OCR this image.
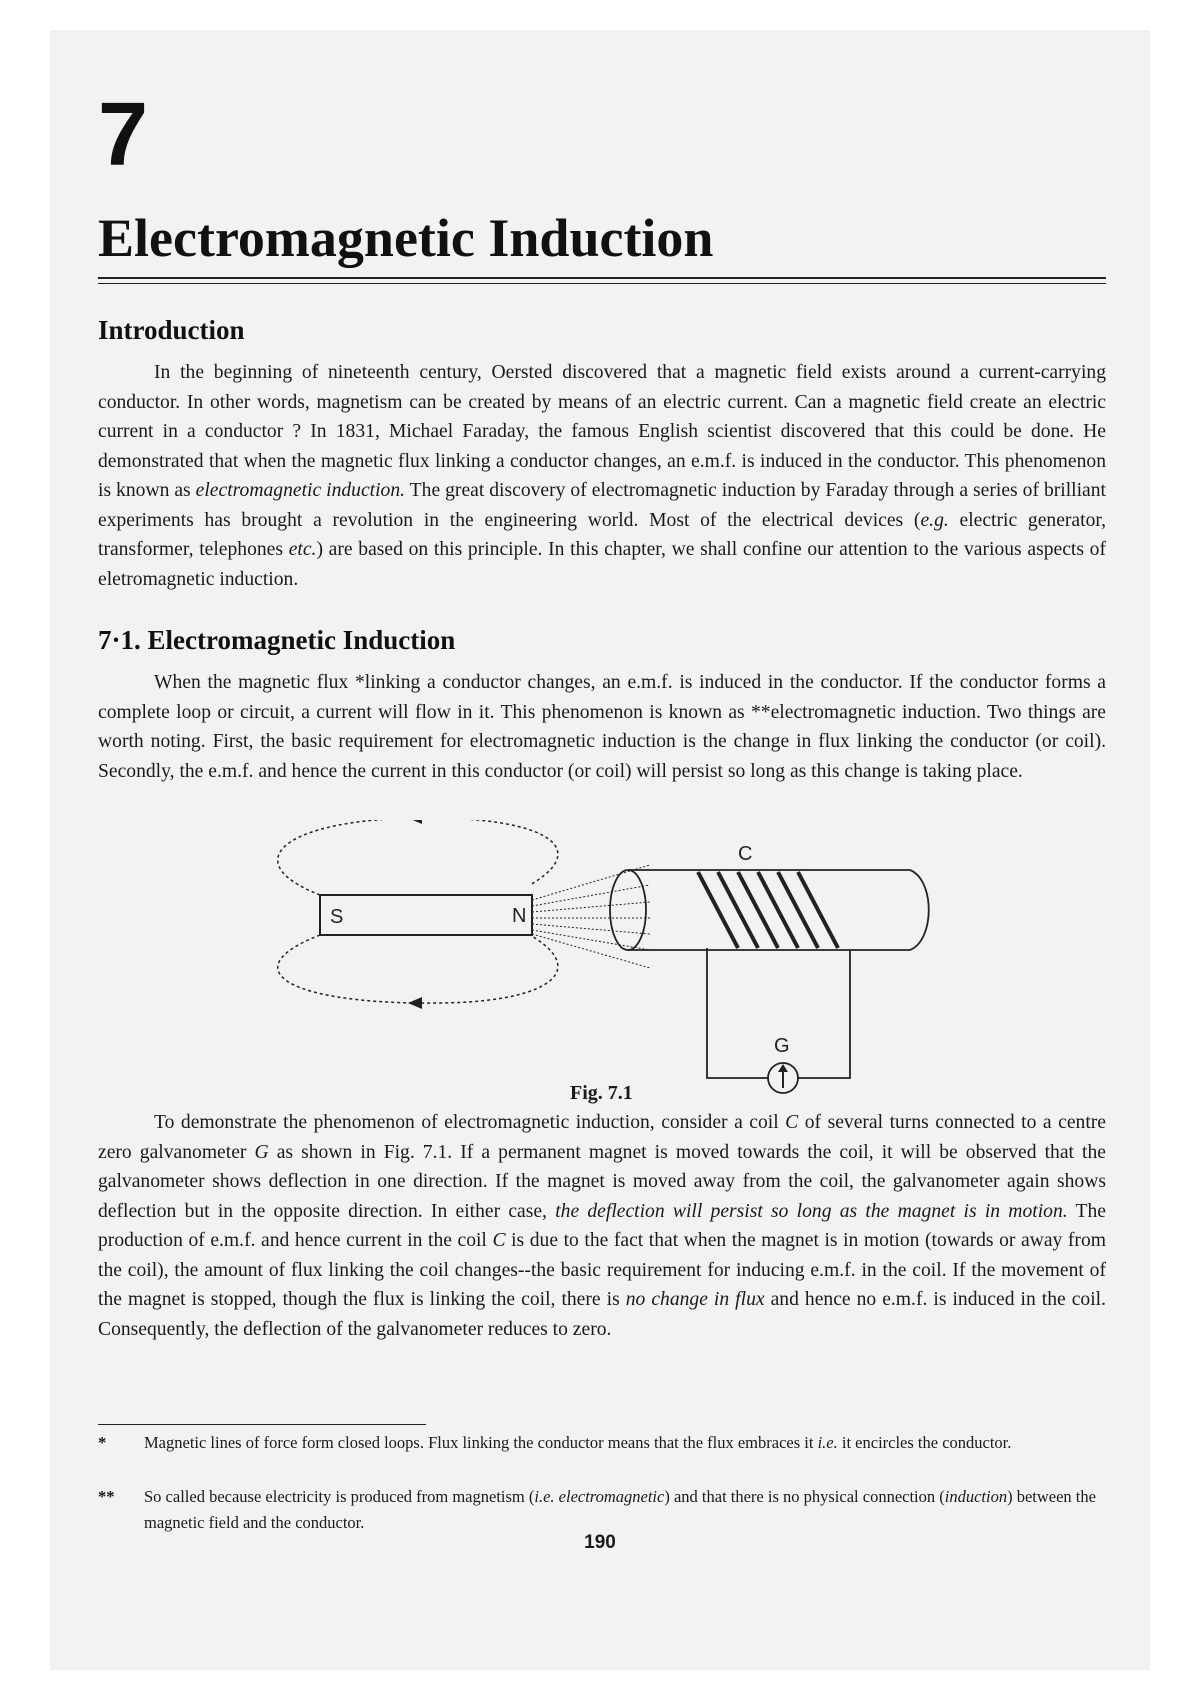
7
Electromagnetic Induction
Introduction

In the beginning of nineteenth century, Oersted discovered that a magnetic field exists around a current-carrying conductor. In other words, magnetism can be created by means of an electric current. Can a magnetic field create an electric current in a conductor ? In 1831, Michael Faraday, the famous English scientist discovered that this could be done. He demonstrated that when the magnetic flux linking a conductor changes, an e.m.f. is induced in the conductor. This phenomenon is known as electromagnetic induction. The great discovery of electromagnetic induction by Faraday through a series of brilliant experiments has brought a revolution in the engineering world. Most of the electrical devices (e.g. electric generator, transformer, telephones etc.) are based on this principle. In this chapter, we shall confine our attention to the various aspects of eletromagnetic induction.

7·1. Electromagnetic Induction

When the magnetic flux *linking a conductor changes, an e.m.f. is induced in the conductor. If the conductor forms a complete loop or circuit, a current will flow in it. This phenomenon is known as **electromagnetic induction. Two things are worth noting. First, the basic requirement for electromagnetic induction is the change in flux linking the conductor (or coil). Secondly, the e.m.f. and hence the current in this conductor (or coil) will persist so long as this change is taking place.

S	N
C
G
Fig. 7.1

To demonstrate the phenomenon of electromagnetic induction, consider a coil C of several turns connected to a centre zero galvanometer G as shown in Fig. 7.1. If a permanent magnet is moved towards the coil, it will be observed that the galvanometer shows deflection in one direction. If the magnet is moved away from the coil, the galvanometer again shows deflection but in the opposite direction. In either case, the deflection will persist so long as the magnet is in motion. The production of e.m.f. and hence current in the coil C is due to the fact that when the magnet is in motion (towards or away from the coil), the amount of flux linking the coil changes--the basic requirement for inducing e.m.f. in the coil. If the movement of the magnet is stopped, though the flux is linking the coil, there is no change in flux and hence no e.m.f. is induced in the coil. Consequently, the deflection of the galvanometer reduces to zero.

*	Magnetic lines of force form closed loops. Flux linking the conductor means that the flux embraces it i.e. it encircles the conductor.
**	So called because electricity is produced from magnetism (i.e. electromagnetic) and that there is no physical connection (induction) between the magnetic field and the conductor.
190
